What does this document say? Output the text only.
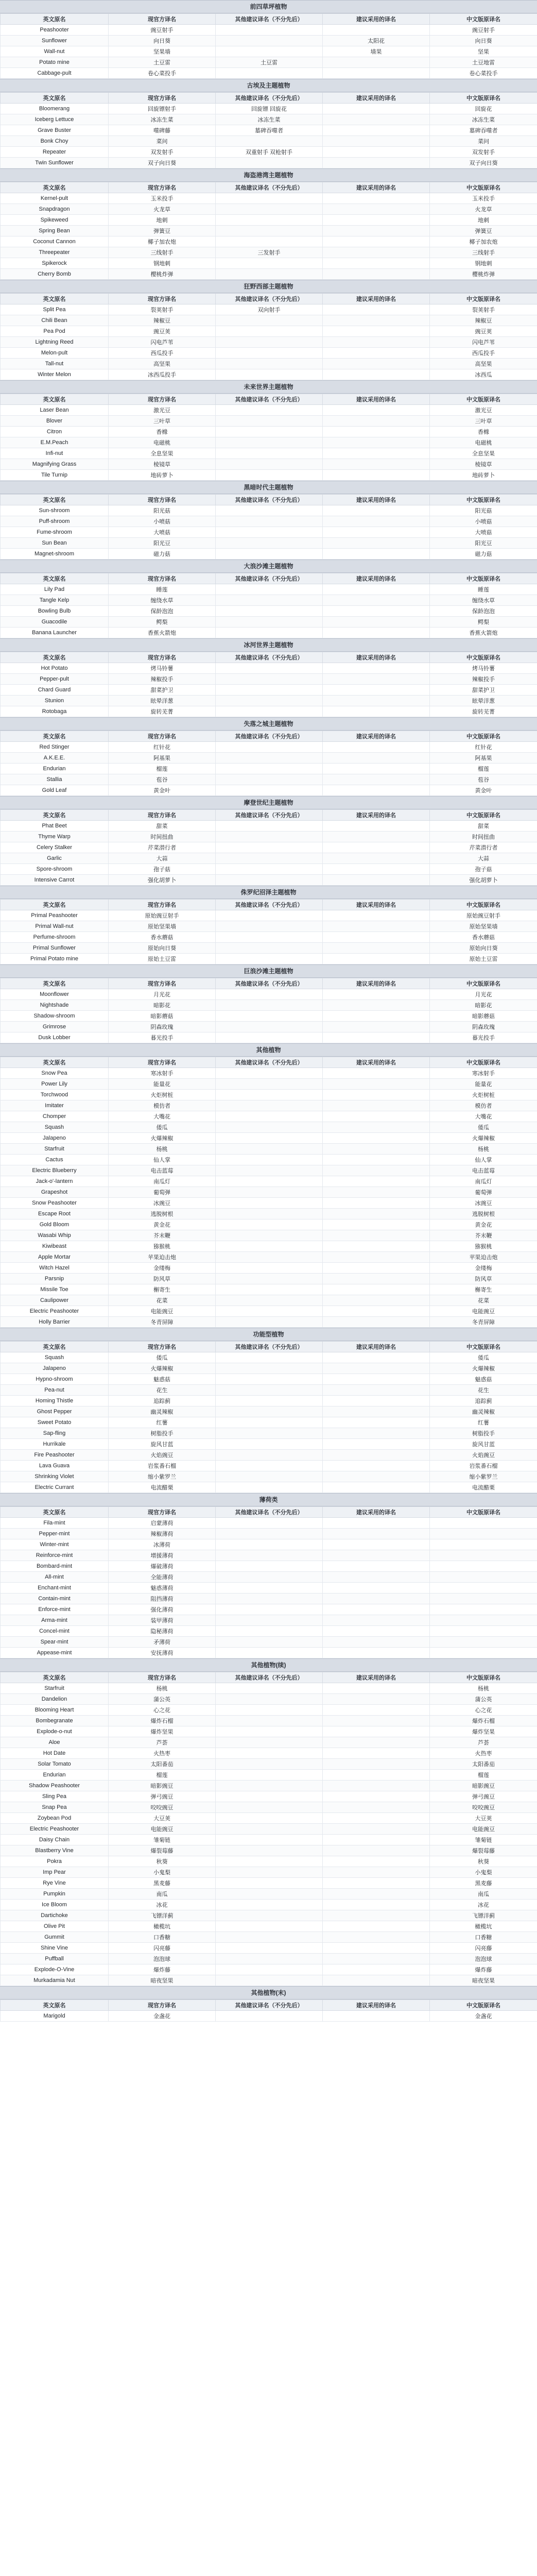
前四草坪植物
英文原名	现官方译名	其他建议译名（不分先后）	建议采用的译名	中文版原译名
Peashooter	豌豆射手			豌豆射手
Sunflower	向日葵		太阳花	向日葵
Wall-nut	坚果墙		墙果	坚果
Potato mine	土豆雷	土豆雷		土豆地雷
Cabbage-pult	卷心菜投手			卷心菜投手
古埃及主题植物
英文原名	现官方译名	其他建议译名（不分先后）	建议采用的译名	中文版原译名
Bloomerang	回旋镖射手	回旋镖 回旋花		回旋花
Iceberg Lettuce	冰冻生菜	冰冻生菜		冰冻生菜
Grave Buster	噬碑藤	墓碑吞噬者		墓碑吞噬者
Bonk Choy	菜问			菜问
Repeater	双发射手	双重射手 双枪射手		双发射手
Twin Sunflower	双子向日葵			双子向日葵
海盗港湾主题植物
英文原名	现官方译名	其他建议译名（不分先后）	建议采用的译名	中文版原译名
Kernel-pult	玉米投手			玉米投手
Snapdragon	火龙草			火龙草
Spikeweed	地刺			地刺
Spring Bean	弹簧豆			弹簧豆
Coconut Cannon	椰子加农炮			椰子加农炮
Threepeater	三线射手	三发射手		三线射手
Spikerock	钢地刺			钢地刺
Cherry Bomb	樱桃炸弹			樱桃炸弹
狂野西部主题植物
英文原名	现官方译名	其他建议译名（不分先后）	建议采用的译名	中文版原译名
Split Pea	裂荚射手	双向射手		裂荚射手
Chili Bean	辣椒豆			辣椒豆
Pea Pod	豌豆荚			豌豆荚
Lightning Reed	闪电芦苇			闪电芦苇
Melon-pult	西瓜投手			西瓜投手
Tall-nut	高坚果			高坚果
Winter Melon	冰西瓜投手			冰西瓜
未来世界主题植物
英文原名	现官方译名	其他建议译名（不分先后）	建议采用的译名	中文版原译名
Laser Bean	激光豆			激光豆
Blover	三叶草			三叶草
Citron	香橼			香橼
E.M.Peach	电磁桃			电磁桃
Infi-nut	全息坚果			全息坚果
Magnifying Grass	棱镜草			棱镜草
Tile Turnip	地砖萝卜			地砖萝卜
黑暗时代主题植物
英文原名	现官方译名	其他建议译名（不分先后）	建议采用的译名	中文版原译名
Sun-shroom	阳光菇			阳光菇
Puff-shroom	小喷菇			小喷菇
Fume-shroom	大喷菇			大喷菇
Sun Bean	阳光豆			阳光豆
Magnet-shroom	磁力菇			磁力菇
大浪沙滩主题植物
英文原名	现官方译名	其他建议译名（不分先后）	建议采用的译名	中文版原译名
Lily Pad	睡莲			睡莲
Tangle Kelp	缠绕水草			缠绕水草
Bowling Bulb	保龄泡泡			保龄泡泡
Guacodile	鳄梨			鳄梨
Banana Launcher	香蕉火箭炮			香蕉火箭炮
冰河世界主题植物
英文原名	现官方译名	其他建议译名（不分先后）	建议采用的译名	中文版原译名
Hot Potato	烤马铃薯			烤马铃薯
Pepper-pult	辣椒投手			辣椒投手
Chard Guard	甜菜护卫			甜菜护卫
Stunion	眩晕洋葱			眩晕洋葱
Rotobaga	旋转芜菁			旋转芜菁
失落之城主题植物
英文原名	现官方译名	其他建议译名（不分先后）	建议采用的译名	中文版原译名
Red Stinger	红针花			红针花
A.K.E.E.	阿基果			阿基果
Endurian	榴莲			榴莲
Stallia	苞谷			苞谷
Gold Leaf	黄金叶			黄金叶
摩登世纪主题植物
英文原名	现官方译名	其他建议译名（不分先后）	建议采用的译名	中文版原译名
Phat Beet	甜菜			甜菜
Thyme Warp	时间扭曲			时间扭曲
Celery Stalker	芹菜潜行者			芹菜潜行者
Garlic	大蒜			大蒜
Spore-shroom	孢子菇			孢子菇
Intensive Carrot	强化胡萝卜			强化胡萝卜
侏罗纪沼泽主题植物
英文原名	现官方译名	其他建议译名（不分先后）	建议采用的译名	中文版原译名
Primal Peashooter	原始豌豆射手			原始豌豆射手
Primal Wall-nut	原始坚果墙			原始坚果墙
Perfume-shroom	香水蘑菇			香水蘑菇
Primal Sunflower	原始向日葵			原始向日葵
Primal Potato mine	原始土豆雷			原始土豆雷
巨浪沙滩主题植物
英文原名	现官方译名	其他建议译名（不分先后）	建议采用的译名	中文版原译名
Moonflower	月光花			月光花
Nightshade	暗影花			暗影花
Shadow-shroom	暗影蘑菇			暗影蘑菇
Grimrose	阴森玫瑰			阴森玫瑰
Dusk Lobber	暮光投手			暮光投手
其他植物
英文原名	现官方译名	其他建议译名（不分先后）	建议采用的译名	中文版原译名
Snow Pea	寒冰射手			寒冰射手
Power Lily	能量花			能量花
Torchwood	火炬树桩			火炬树桩
Imitater	模仿者			模仿者
Chomper	大嘴花			大嘴花
Squash	倭瓜			倭瓜
Jalapeno	火爆辣椒			火爆辣椒
Starfruit	杨桃			杨桃
Cactus	仙人掌			仙人掌
Electric Blueberry	电击蓝莓			电击蓝莓
Jack-o'-lantern	南瓜灯			南瓜灯
Grapeshot	葡萄弹			葡萄弹
Snow Peashooter	冰豌豆			冰豌豆
Escape Root	逃脱树根			逃脱树根
Gold Bloom	黄金花			黄金花
Wasabi Whip	芥末鞭			芥末鞭
Kiwibeast	猕猴桃			猕猴桃
Apple Mortar	苹果迫击炮			苹果迫击炮
Witch Hazel	金缕梅			金缕梅
Parsnip	防风草			防风草
Missile Toe	槲寄生			槲寄生
Caulipower	花菜			花菜
Electric Peashooter	电能豌豆			电能豌豆
Holly Barrier	冬青屏障			冬青屏障
功能型植物
英文原名	现官方译名	其他建议译名（不分先后）	建议采用的译名	中文版原译名
Squash	倭瓜			倭瓜
Jalapeno	火爆辣椒			火爆辣椒
Hypno-shroom	魅惑菇			魅惑菇
Pea-nut	花生			花生
Homing Thistle	追踪蓟			追踪蓟
Ghost Pepper	幽灵辣椒			幽灵辣椒
Sweet Potato	红薯			红薯
Sap-fling	树脂投手			树脂投手
Hurrikale	旋风甘蓝			旋风甘蓝
Fire Peashooter	火焰豌豆			火焰豌豆
Lava Guava	岩浆番石榴			岩浆番石榴
Shrinking Violet	缩小紫罗兰			缩小紫罗兰
Electric Currant	电流醋栗			电流醋栗
薄荷类
英文原名	现官方译名	其他建议译名（不分先后）	建议采用的译名	中文版原译名
Fila-mint	启蒙薄荷			
Pepper-mint	辣椒薄荷			
Winter-mint	冰薄荷			
Reinforce-mint	增援薄荷			
Bombard-mint	爆破薄荷			
All-mint	全能薄荷			
Enchant-mint	魅惑薄荷			
Contain-mint	阻挡薄荷			
Enforce-mint	强化薄荷			
Arma-mint	装甲薄荷			
Concel-mint	隐秘薄荷			
Spear-mint	矛薄荷			
Appease-mint	安抚薄荷			
其他植物(续)
英文原名	现官方译名	其他建议译名（不分先后）	建议采用的译名	中文版原译名
Starfruit	杨桃			杨桃
Dandelion	蒲公英			蒲公英
Blooming Heart	心之花			心之花
Bombegranate	爆炸石榴			爆炸石榴
Explode-o-nut	爆炸坚果			爆炸坚果
Aloe	芦荟			芦荟
Hot Date	火热枣			火热枣
Solar Tomato	太阳番茄			太阳番茄
Endurian	榴莲			榴莲
Shadow Peashooter	暗影豌豆			暗影豌豆
Sling Pea	弹弓豌豆			弹弓豌豆
Snap Pea	咬咬豌豆			咬咬豌豆
Zoybean Pod	大豆荚			大豆荚
Electric Peashooter	电能豌豆			电能豌豆
Daisy Chain	雏菊链			雏菊链
Blastberry Vine	爆裂莓藤			爆裂莓藤
Pokra	秋葵			秋葵
Imp Pear	小鬼梨			小鬼梨
Rye Vine	黑麦藤			黑麦藤
Pumpkin	南瓜			南瓜
Ice Bloom	冰花			冰花
Dartichoke	飞镖洋蓟			飞镖洋蓟
Olive Pit	橄榄坑			橄榄坑
Gummit	口香糖			口香糖
Shine Vine	闪亮藤			闪亮藤
Puffball	泡泡球			泡泡球
Explode-O-Vine	爆炸藤			爆炸藤
Murkadamia Nut	暗夜坚果			暗夜坚果
其他植物(末)
英文原名	现官方译名	其他建议译名（不分先后）	建议采用的译名	中文版原译名
Marigold	金盏花			金盏花
